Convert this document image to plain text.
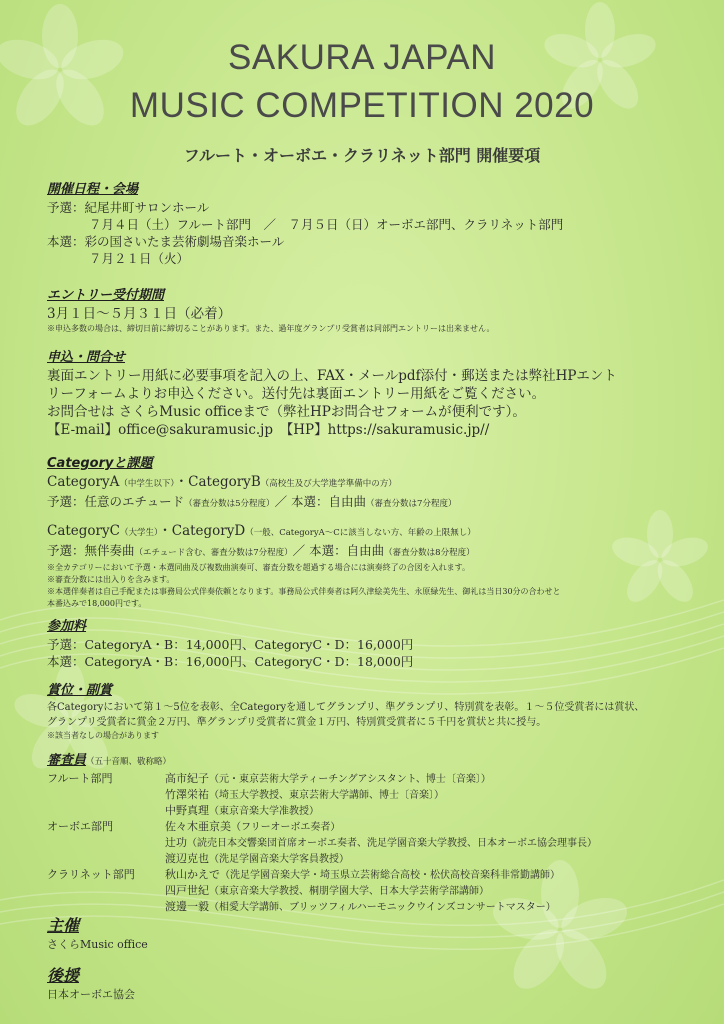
SAKURA JAPAN
MUSIC COMPETITION 2020
フルート・オーボエ・クラリネット部門 開催要項
開催日程・会場
予選：紀尾井町サロンホール
７月４日（土）フルート部門　／　７月５日（日）オーボエ部門、クラリネット部門
本選：彩の国さいたま芸術劇場音楽ホール
７月２１日（火）
エントリー受付期間
3月１日〜５月３１日（必着）
※申込多数の場合は、締切日前に締切ることがあります。また、過年度グランプリ受賞者は同部門エントリーは出来ません。
申込・問合せ
裏面エントリー用紙に必要事項を記入の上、FAX・メールpdf添付・郵送または弊社HPエント
リーフォームよりお申込ください。送付先は裏面エントリー用紙をご覧ください。
お問合せは さくらMusic officeまで（弊社HPお問合せフォームが便利です）。
【E-mail】office@sakuramusic.jp　【HP】https://sakuramusic.jp//
Categoryと課題
CategoryA（中学生以下）・CategoryB（高校生及び大学進学準備中の方）
予選：任意のエチュード（審査分数は5分程度）／ 本選：自由曲（審査分数は7分程度）
CategoryC（大学生）・CategoryD（一般、CategoryA〜Cに該当しない方、年齢の上限無し）
予選：無伴奏曲（エチュード含む、審査分数は7分程度）／ 本選：自由曲（審査分数は8分程度）
※全カテゴリーにおいて予選・本選同曲及び複数曲演奏可、審査分数を超過する場合には演奏終了の合図を入れます。
※審査分数には出入りを含みます。
※本選伴奏者は自己手配または事務局公式伴奏依頼となります。事務局公式伴奏者は阿久津絵美先生、永原緑先生、御礼は当日30分の合わせと
本番込みで18,000円です。
参加料
予選：CategoryA・B：14,000円、CategoryC・D：16,000円
本選：CategoryA・B：16,000円、CategoryC・D：18,000円
賞位・副賞
各Categoryにおいて第１〜5位を表彰、全Categoryを通してグランプリ、準グランプリ、特別賞を表彰。１〜５位受賞者には賞状、
グランプリ受賞者に賞金２万円、準グランプリ受賞者に賞金１万円、特別賞受賞者に５千円を賞状と共に授与。
※該当者なしの場合があります
審査員（五十音順、敬称略）
フルート部門	高市紀子（元・東京芸術大学ティーチングアシスタント、博士〔音楽〕）
竹澤栄祐（埼玉大学教授、東京芸術大学講師、博士〔音楽〕）
中野真理（東京音楽大学准教授）
オーボエ部門	佐々木亜京美（フリーオーボエ奏者）
辻功（読売日本交響楽団首席オーボエ奏者、洗足学園音楽大学教授、日本オーボエ協会理事長）
渡辺克也（洗足学園音楽大学客員教授）
クラリネット部門	秋山かえで（洗足学園音楽大学・埼玉県立芸術総合高校・松伏高校音楽科非常勤講師）
四戸世紀（東京音楽大学教授、桐朋学園大学、日本大学芸術学部講師）
渡邊一毅（相愛大学講師、ブリッツフィルハーモニックウインズコンサートマスター）
主催
さくらMusic office
後援
日本オーボエ協会
